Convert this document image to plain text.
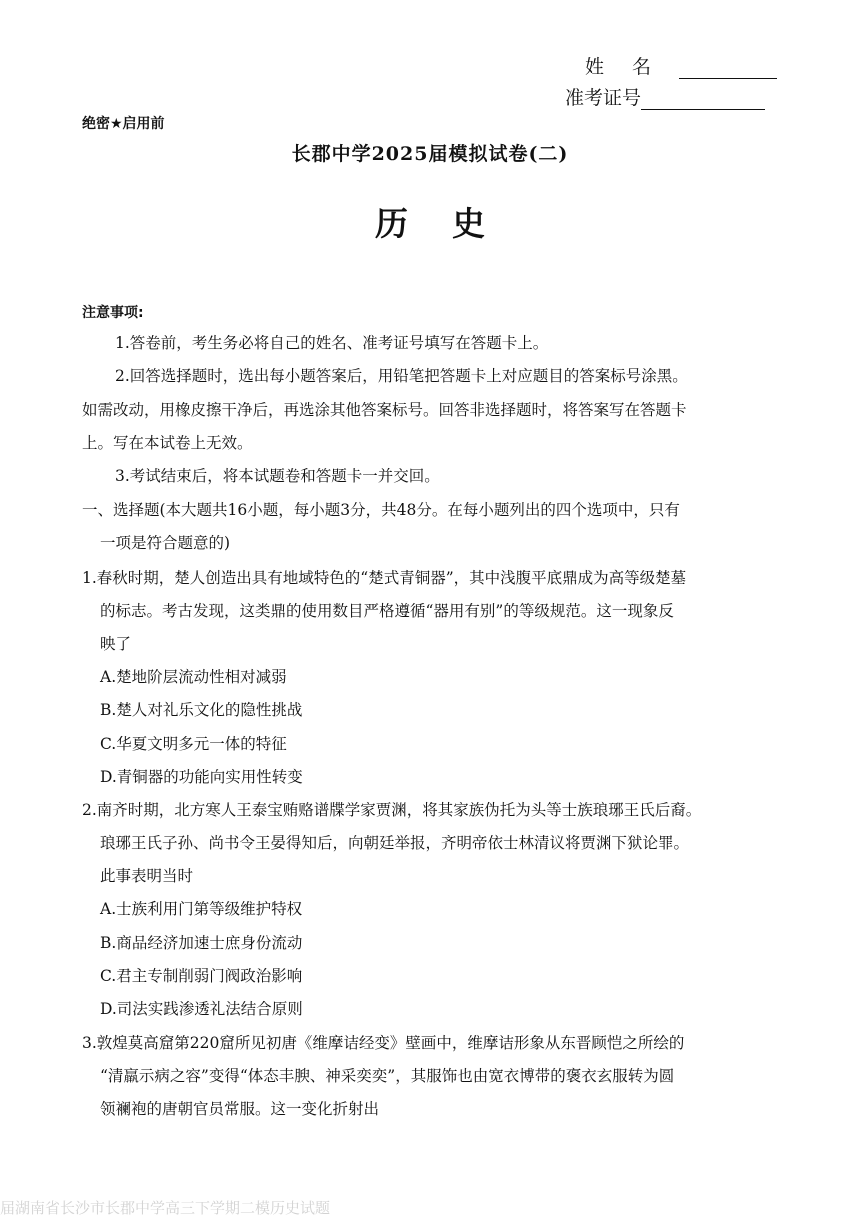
姓名
准考证号
绝密★启用前
长郡中学2025届模拟试卷(二)
历史
注意事项:
1.答卷前，考生务必将自己的姓名、准考证号填写在答题卡上。
2.回答选择题时，选出每小题答案后，用铅笔把答题卡上对应题目的答案标号涂黑。
如需改动，用橡皮擦干净后，再选涂其他答案标号。回答非选择题时，将答案写在答题卡
上。写在本试卷上无效。
3.考试结束后，将本试题卷和答题卡一并交回。
一、选择题(本大题共16小题，每小题3分，共48分。在每小题列出的四个选项中，只有
一项是符合题意的)
1.春秋时期，楚人创造出具有地域特色的“楚式青铜器”，其中浅腹平底鼎成为高等级楚墓
的标志。考古发现，这类鼎的使用数目严格遵循“器用有别”的等级规范。这一现象反
映了
A.楚地阶层流动性相对减弱
B.楚人对礼乐文化的隐性挑战
C.华夏文明多元一体的特征
D.青铜器的功能向实用性转变
2.南齐时期，北方寒人王泰宝贿赂谱牒学家贾渊，将其家族伪托为头等士族琅琊王氏后裔。
琅琊王氏子孙、尚书令王晏得知后，向朝廷举报，齐明帝依士林清议将贾渊下狱论罪。
此事表明当时
A.士族利用门第等级维护特权
B.商品经济加速士庶身份流动
C.君主专制削弱门阀政治影响
D.司法实践渗透礼法结合原则
3.敦煌莫高窟第220窟所见初唐《维摩诘经变》壁画中，维摩诘形象从东晋顾恺之所绘的
“清羸示病之容”变得“体态丰腴、神采奕奕”，其服饰也由宽衣博带的褒衣玄服转为圆
领襕袍的唐朝官员常服。这一变化折射出
届湖南省长沙市长郡中学高三下学期二模历史试题
